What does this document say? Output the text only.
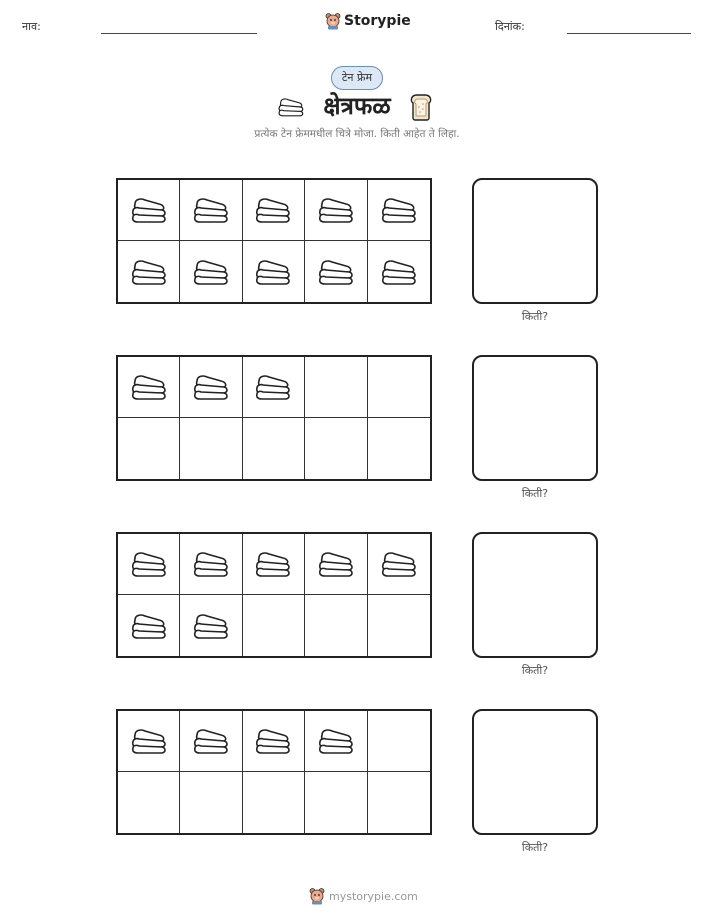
नाव:	Storypie	दिनांक:
टेन फ्रेम
क्षेत्रफळ
प्रत्येक टेन फ्रेममधील चित्रे मोजा. किती आहेत ते लिहा.
किती?
किती?
किती?
किती?
mystorypie.com
